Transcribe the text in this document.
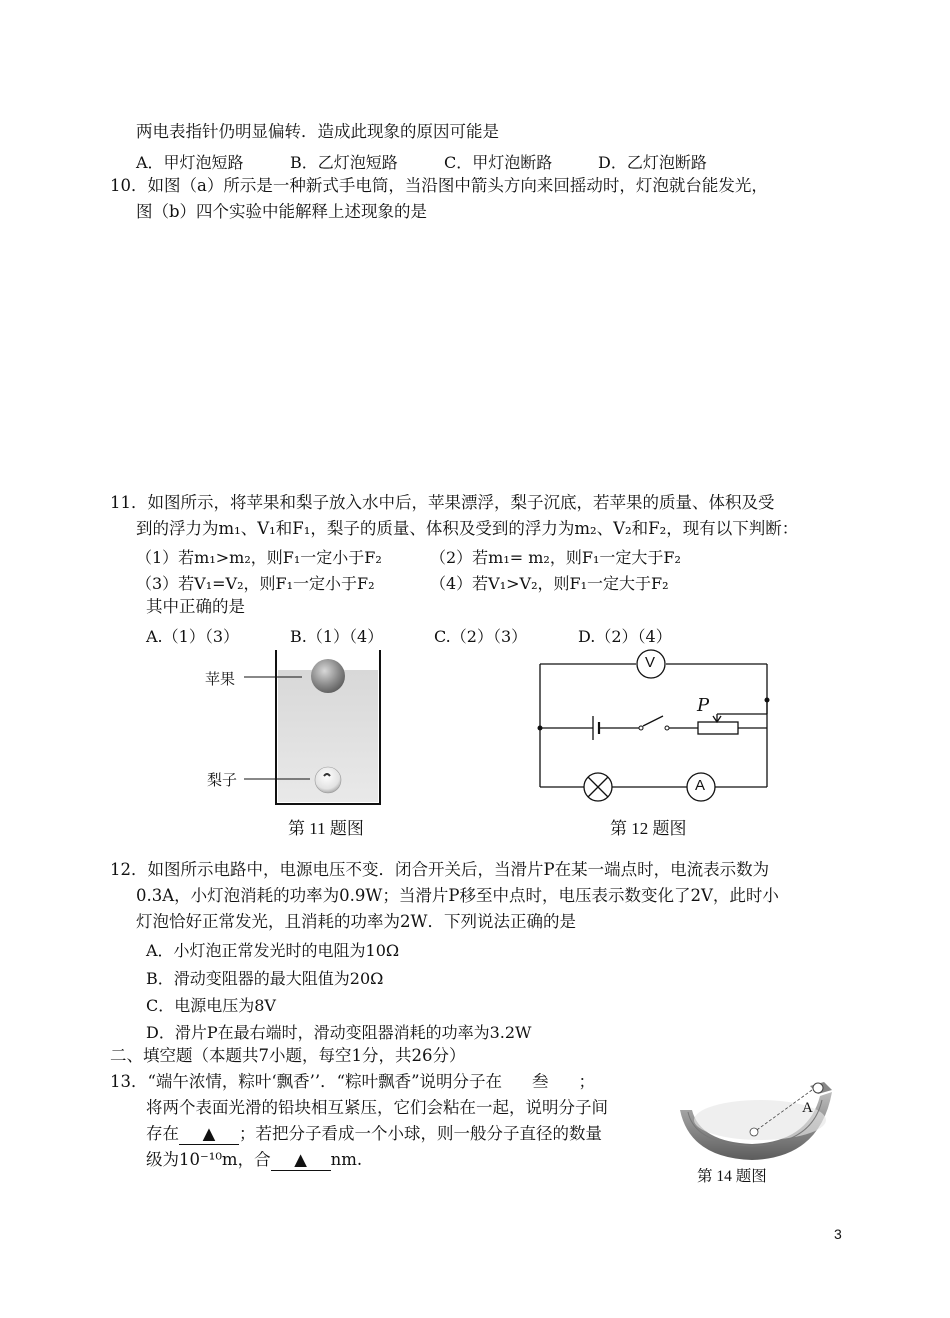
两电表指针仍明显偏转．造成此现象的原因可能是
A．甲灯泡短路	B．乙灯泡短路	C．甲灯泡断路	D．乙灯泡断路
10．如图（a）所示是一种新式手电筒，当沿图中箭头方向来回摇动时，灯泡就台能发光，
图（b）四个实验中能解释上述现象的是
11．如图所示，将苹果和梨子放入水中后，苹果漂浮，梨子沉底，若苹果的质量、体积及受
到的浮力为m₁、V₁和F₁，梨子的质量、体积及受到的浮力为m₂、V₂和F₂，现有以下判断：
（1）若m₁>m₂，则F₁一定小于F₂	（2）若m₁= m₂，则F₁一定大于F₂
（3）若V₁=V₂，则F₁一定小于F₂	（4）若V₁>V₂，则F₁一定大于F₂
其中正确的是
A.（1）（3）	B.（1）（4）	C.（2）（3）	D.（2）（4）
苹果
梨子
第 11 题图
V
P
A
第 12 题图
12．如图所示电路中，电源电压不变．闭合开关后，当滑片P在某一端点时，电流表示数为
0.3A，小灯泡消耗的功率为0.9W；当滑片P移至中点时，电压表示数变化了2V，此时小
灯泡恰好正常发光，且消耗的功率为2W．下列说法正确的是
A．小灯泡正常发光时的电阻为10Ω
B．滑动变阻器的最大阻值为20Ω
C．电源电压为8V
D．滑片P在最右端时，滑动变阻器消耗的功率为3.2W
二、填空题（本题共7小题，每空1分，共26分）
13．“端午浓情，粽叶‘飘香’’．“粽叶飘香”说明分子在 叁 ；
将两个表面光滑的铅块相互紧压，它们会粘在一起，说明分子间
存在 ▲ ；若把分子看成一个小球，则一般分子直径的数量
级为10⁻¹⁰m，合 ▲ nm.
A
第 14 题图
3
